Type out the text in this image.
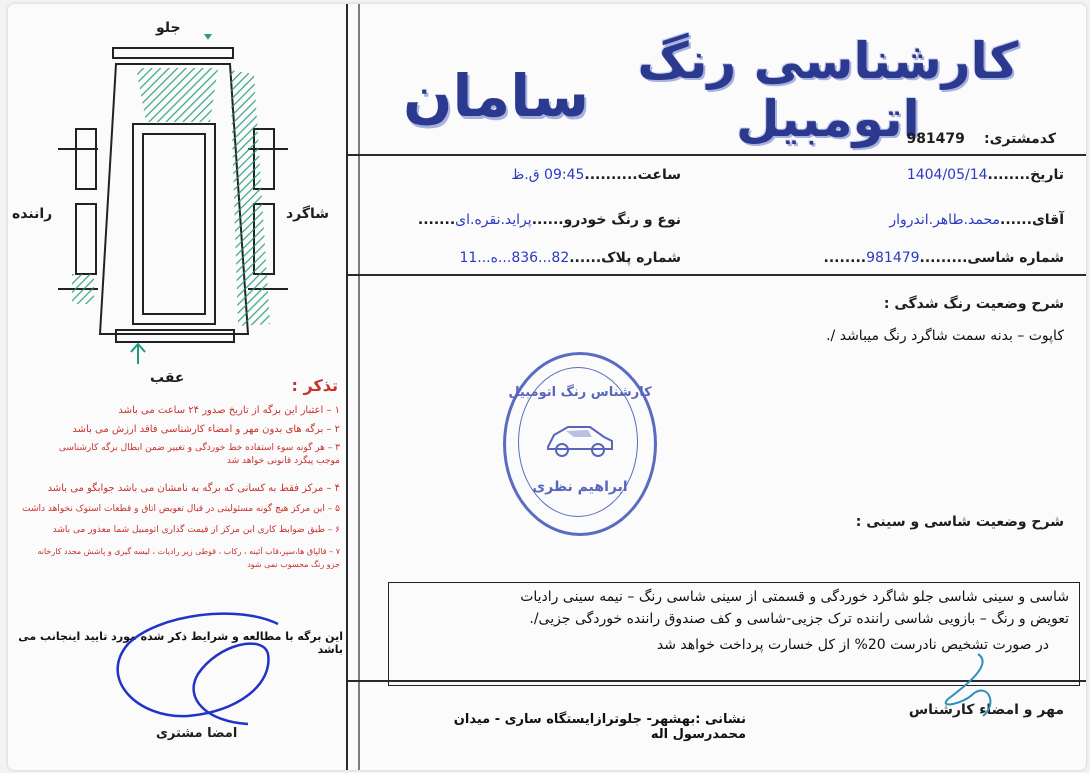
کارشناسی رنگ اتومبیل
سامان
کدمشتری: 981479
تاریخ........1404/05/14
ساعت..........09:45 ق.ظ
آقای......محمد.طاهر.اندروار
نوع و رنگ خودرو......پراید.نقره.ای.......
شماره شاسی.........981479........
شماره پلاک......82...836...ه...11
شرح وضعیت رنگ شدگی :
کاپوت – بدنه سمت شاگرد رنگ میباشد /.
کارشناس رنگ اتومبیل
ابراهیم نظری
شرح وضعیت شاسی و سینی :
شاسی و سینی شاسی جلو شاگرد خوردگی و قسمتی از سینی شاسی رنگ – نیمه سینی رادیات
تعویض و رنگ – بازویی شاسی راننده ترک جزیی-شاسی و کف صندوق راننده خوردگی جزیی/.
در صورت تشخیص نادرست 20% از کل خسارت پرداخت خواهد شد
مهر و امضاء کارشناس
نشانی :بهشهر- جلوترازایستگاه ساری - میدان محمدرسول اله
جلو
عقب
راننده	شاگرد
تذکر :
۱ – اعتبار این برگه از تاریخ صدور ۲۴ ساعت می باشد
۲ – برگه های بدون مهر و امضاء کارشناسی فاقد ارزش می باشد
۳ – هر گونه سوء استفاده خط خوردگی و تغییر ضمن ابطال برگه کارشناسی
موجب پیگرد قانونی خواهد شد
۴ – مرکز فقط به کسانی که برگه به نامشان می باشد جوابگو می باشد
۵ – این مرکز هیچ گونه مسئولیتی در قبال تعویض اتاق و قطعات استوک نخواهد داشت
۶ – طبق ضوابط کاری این مرکز از قیمت گذاری اتومبیل شما معذور می باشد
۷ – قالپاق ها،سپر،قاب آئینه ، رکاب ، قوطی زیر رادیات ، لیسه گیری و پاشش مجدد کارخانه
جزو رنگ محسوب نمی شود
این برگه با مطالعه و شرایط ذکر شده مورد تایید اینجانب می باشد
امضا مشتری
